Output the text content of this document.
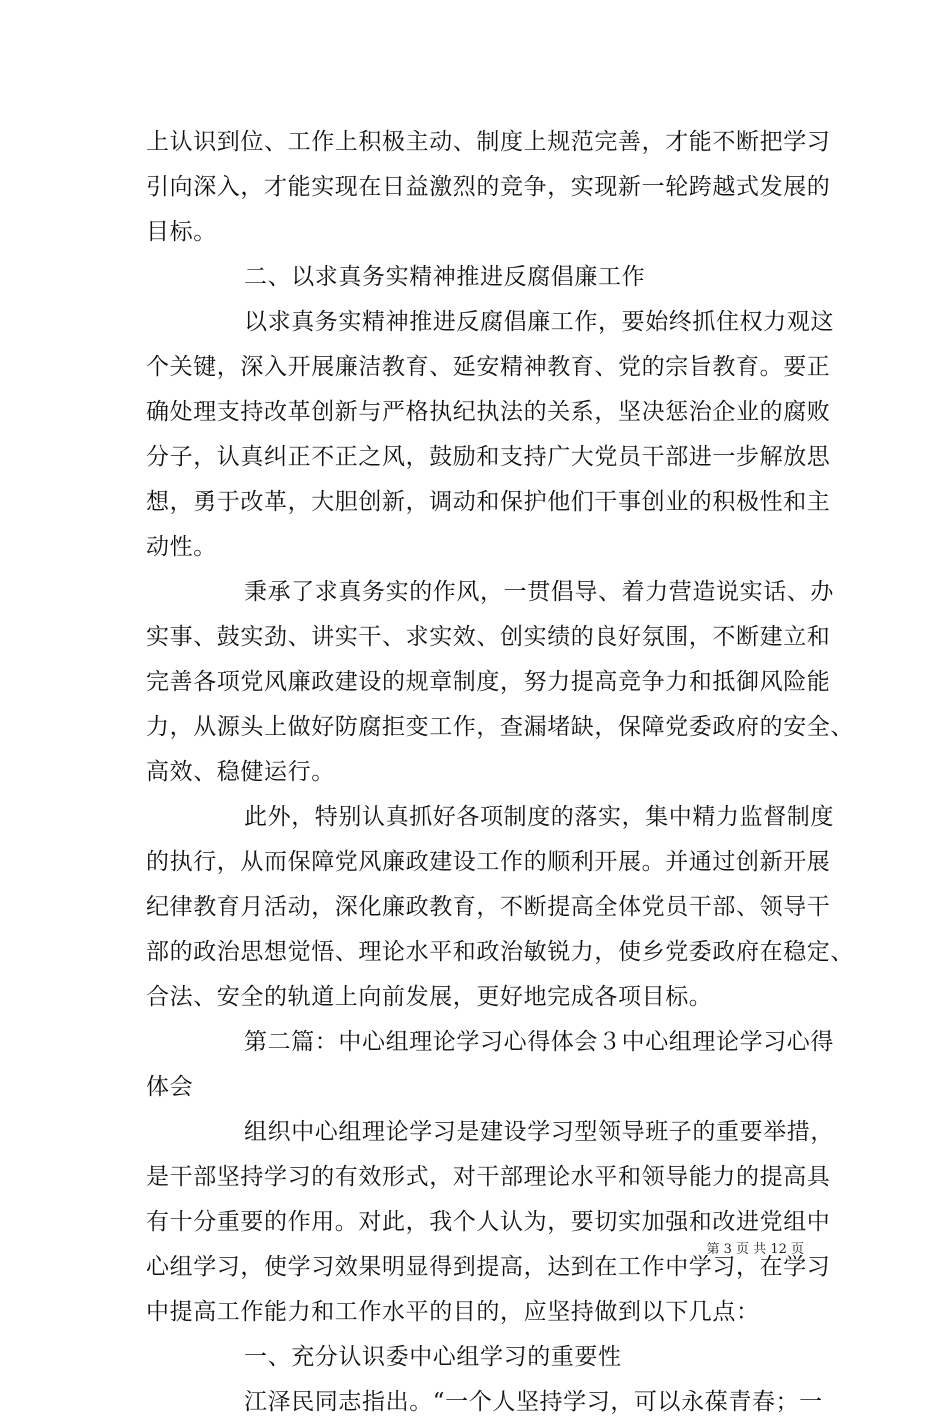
上认识到位、工作上积极主动、制度上规范完善，才能不断把学习
引向深入，才能实现在日益激烈的竞争，实现新一轮跨越式发展的
目标。
二、以求真务实精神推进反腐倡廉工作
以求真务实精神推进反腐倡廉工作，要始终抓住权力观这
个关键，深入开展廉洁教育、延安精神教育、党的宗旨教育。要正
确处理支持改革创新与严格执纪执法的关系，坚决惩治企业的腐败
分子，认真纠正不正之风，鼓励和支持广大党员干部进一步解放思
想，勇于改革，大胆创新，调动和保护他们干事创业的积极性和主
动性。
秉承了求真务实的作风，一贯倡导、着力营造说实话、办
实事、鼓实劲、讲实干、求实效、创实绩的良好氛围，不断建立和
完善各项党风廉政建设的规章制度，努力提高竞争力和抵御风险能
力，从源头上做好防腐拒变工作，查漏堵缺，保障党委政府的安全、
高效、稳健运行。
此外，特别认真抓好各项制度的落实，集中精力监督制度
的执行，从而保障党风廉政建设工作的顺利开展。并通过创新开展
纪律教育月活动，深化廉政教育，不断提高全体党员干部、领导干
部的政治思想觉悟、理论水平和政治敏锐力，使乡党委政府在稳定、
合法、安全的轨道上向前发展，更好地完成各项目标。
第二篇：中心组理论学习心得体会３中心组理论学习心得
体会
组织中心组理论学习是建设学习型领导班子的重要举措，
是干部坚持学习的有效形式，对干部理论水平和领导能力的提高具
有十分重要的作用。对此，我个人认为，要切实加强和改进党组中
心组学习，使学习效果明显得到提高，达到在工作中学习，在学习
中提高工作能力和工作水平的目的，应坚持做到以下几点：
一、充分认识委中心组学习的重要性
江泽民同志指出。“一个人坚持学习，可以永葆青春；一
第 3 页 共 12 页
